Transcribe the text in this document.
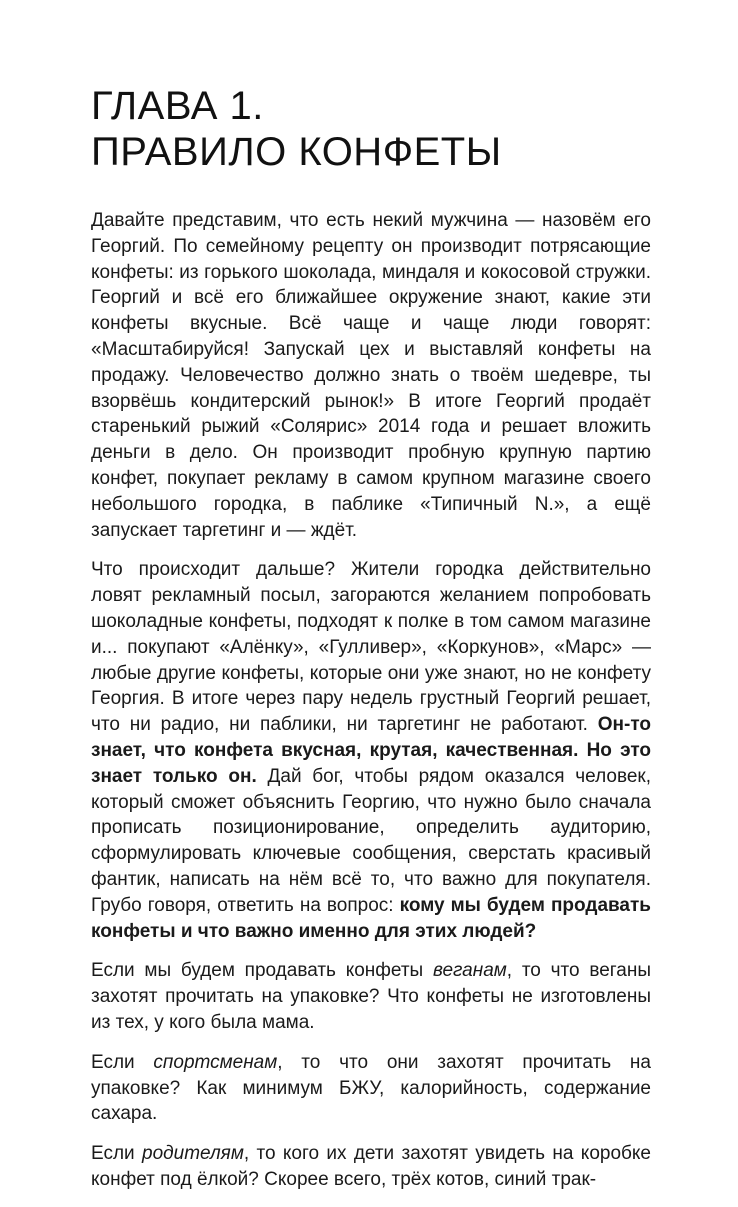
ГЛАВА 1.
ПРАВИЛО КОНФЕТЫ

Давайте представим, что есть некий мужчина — назовём его Георгий. По семейному рецепту он производит потрясающие конфеты: из горького шоколада, миндаля и кокосовой стружки. Георгий и всё его ближайшее окружение знают, какие эти конфеты вкусные. Всё чаще и чаще люди говорят: «Масштабируйся! Запускай цех и выставляй конфеты на продажу. Человечество должно знать о твоём шедевре, ты взорвёшь кондитерский рынок!» В итоге Георгий продаёт старенький рыжий «Солярис» 2014 года и решает вложить деньги в дело. Он производит пробную крупную партию конфет, покупает рекламу в самом крупном магазине своего небольшого городка, в паблике «Типичный N.», а ещё запускает таргетинг и — ждёт.

Что происходит дальше? Жители городка действительно ловят рекламный посыл, загораются желанием попробовать шоколадные конфеты, подходят к полке в том самом магазине и... покупают «Алёнку», «Гулливер», «Коркунов», «Марс» — любые другие конфеты, которые они уже знают, но не конфету Георгия. В итоге через пару недель грустный Георгий решает, что ни радио, ни паблики, ни таргетинг не работают. Он-то знает, что конфета вкусная, крутая, качественная. Но это знает только он. Дай бог, чтобы рядом оказался человек, который сможет объяснить Георгию, что нужно было сначала прописать позиционирование, определить аудиторию, сформулировать ключевые сообщения, сверстать красивый фантик, написать на нём всё то, что важно для покупателя. Грубо говоря, ответить на вопрос: кому мы будем продавать конфеты и что важно именно для этих людей?

Если мы будем продавать конфеты веганам, то что веганы захотят прочитать на упаковке? Что конфеты не изготовлены из тех, у кого была мама.

Если спортсменам, то что они захотят прочитать на упаковке? Как минимум БЖУ, калорийность, содержание сахара.

Если родителям, то кого их дети захотят увидеть на коробке конфет под ёлкой? Скорее всего, трёх котов, синий трак-
